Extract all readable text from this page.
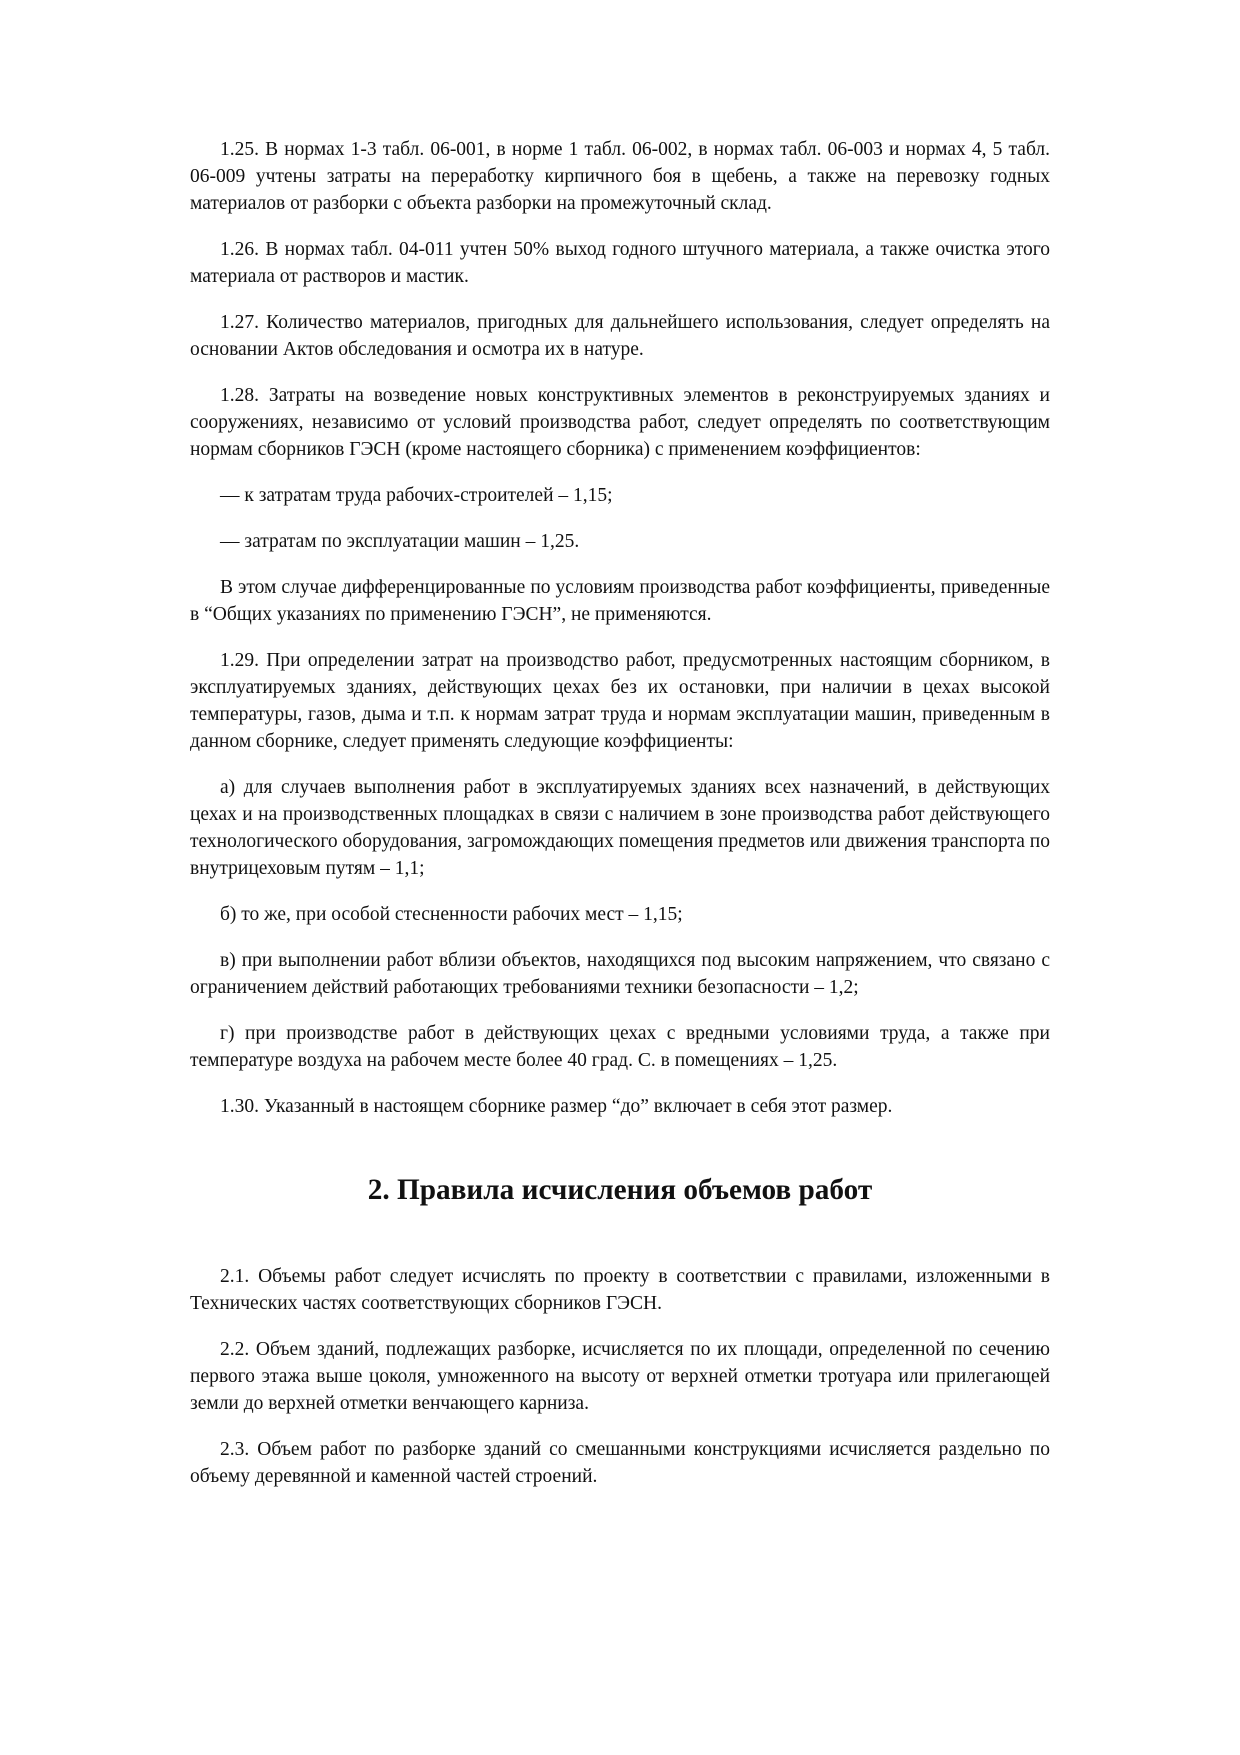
1.25. В нормах 1-3 табл. 06-001, в норме 1 табл. 06-002, в нормах табл. 06-003 и нормах 4, 5 табл. 06-009 учтены затраты на переработку кирпичного боя в щебень, а также на перевозку годных материалов от разборки с объекта разборки на промежуточный склад.

1.26. В нормах табл. 04-011 учтен 50% выход годного штучного материала, а также очистка этого материала от растворов и мастик.

1.27. Количество материалов, пригодных для дальнейшего использования, следует определять на основании Актов обследования и осмотра их в натуре.

1.28. Затраты на возведение новых конструктивных элементов в реконструируемых зданиях и сооружениях, независимо от условий производства работ, следует определять по соответствующим нормам сборников ГЭСН (кроме настоящего сборника) с применением коэффициентов:

— к затратам труда рабочих-строителей – 1,15;

— затратам по эксплуатации машин – 1,25.

В этом случае дифференцированные по условиям производства работ коэффициенты, приведенные в “Общих указаниях по применению ГЭСН”, не применяются.

1.29. При определении затрат на производство работ, предусмотренных настоящим сборником, в эксплуатируемых зданиях, действующих цехах без их остановки, при наличии в цехах высокой температуры, газов, дыма и т.п. к нормам затрат труда и нормам эксплуатации машин, приведенным в данном сборнике, следует применять следующие коэффициенты:

а) для случаев выполнения работ в эксплуатируемых зданиях всех назначений, в действующих цехах и на производственных площадках в связи с наличием в зоне производства работ действующего технологического оборудования, загромождающих помещения предметов или движения транспорта по внутрицеховым путям – 1,1;

б) то же, при особой стесненности рабочих мест – 1,15;

в) при выполнении работ вблизи объектов, находящихся под высоким напряжением, что связано с ограничением действий работающих требованиями техники безопасности – 1,2;

г) при производстве работ в действующих цехах с вредными условиями труда, а также при температуре воздуха на рабочем месте более 40 град. С. в помещениях – 1,25.

1.30. Указанный в настоящем сборнике размер “до” включает в себя этот размер.

2. Правила исчисления объемов работ

2.1. Объемы работ следует исчислять по проекту в соответствии с правилами, изложенными в Технических частях соответствующих сборников ГЭСН.

2.2. Объем зданий, подлежащих разборке, исчисляется по их площади, определенной по сечению первого этажа выше цоколя, умноженного на высоту от верхней отметки тротуара или прилегающей земли до верхней отметки венчающего карниза.

2.3. Объем работ по разборке зданий со смешанными конструкциями исчисляется раздельно по объему деревянной и каменной частей строений.
